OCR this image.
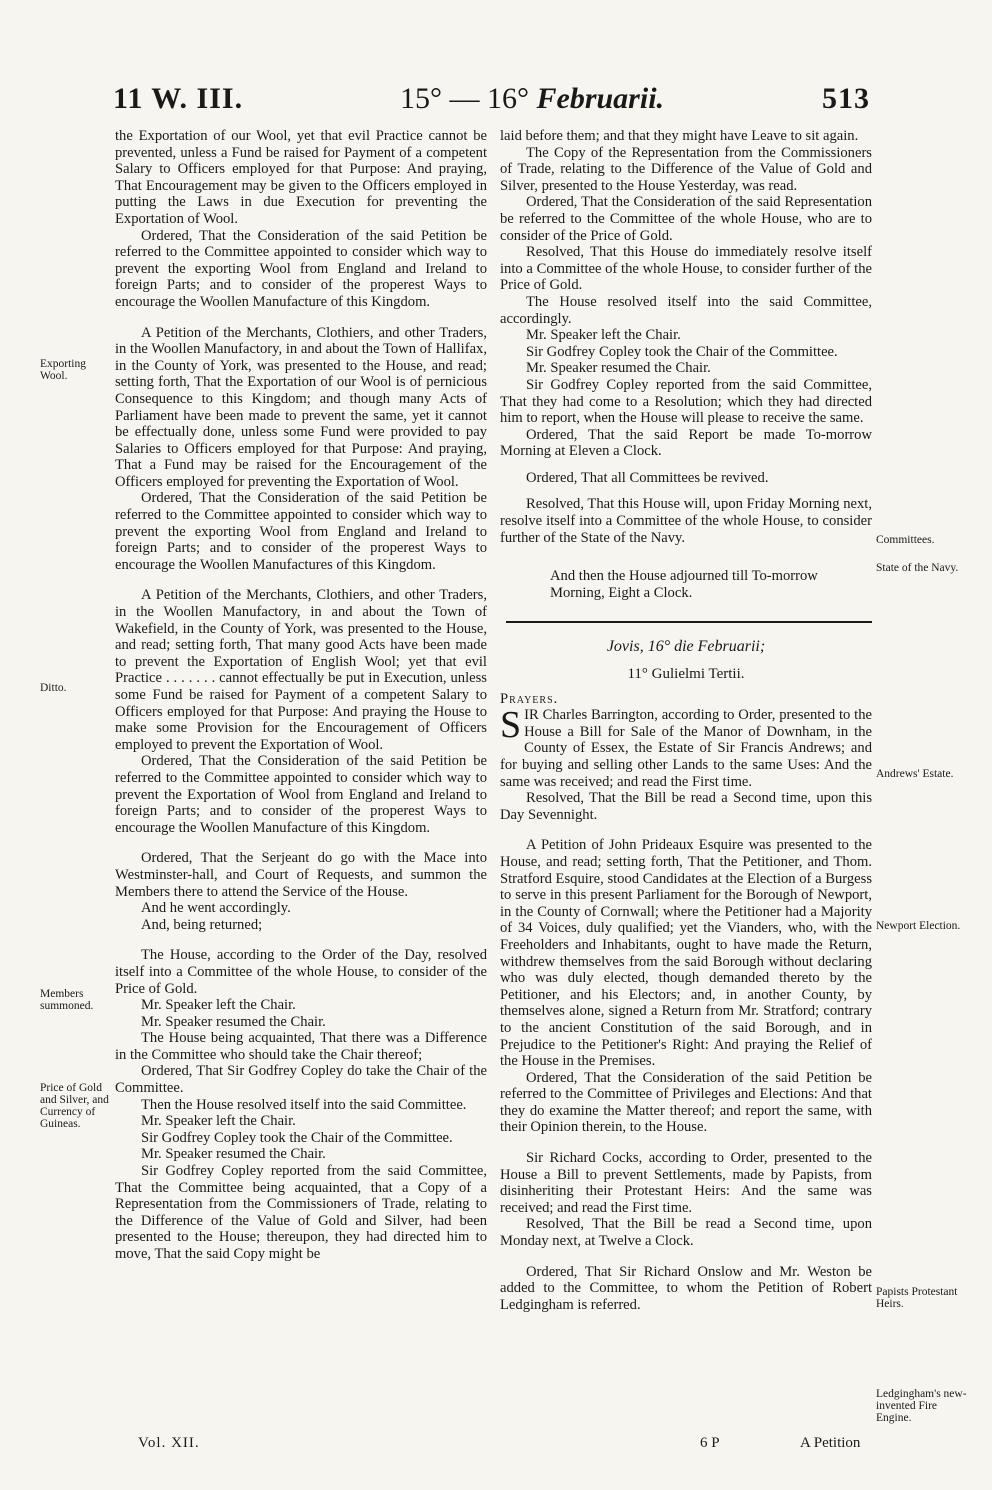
11 W. III.	15° — 16° Februarii.	513

the Exportation of our Wool, yet that evil Practice cannot be prevented, unless a Fund be raised for Payment of a competent Salary to Officers employed for that Purpose: And praying, That Encouragement may be given to the Officers employed in putting the Laws in due Execution for preventing the Exportation of Wool.

Ordered, That the Consideration of the said Petition be referred to the Committee appointed to consider which way to prevent the exporting Wool from England and Ireland to foreign Parts; and to consider of the properest Ways to encourage the Woollen Manufacture of this Kingdom.

A Petition of the Merchants, Clothiers, and other Traders, in the Woollen Manufactory, in and about the Town of Hallifax, in the County of York, was presented to the House, and read; setting forth, That the Exportation of our Wool is of pernicious Consequence to this Kingdom; and though many Acts of Parliament have been made to prevent the same, yet it cannot be effectually done, unless some Fund were provided to pay Salaries to Officers employed for that Purpose: And praying, That a Fund may be raised for the Encouragement of the Officers employed for preventing the Exportation of Wool.

Ordered, That the Consideration of the said Petition be referred to the Committee appointed to consider which way to prevent the exporting Wool from England and Ireland to foreign Parts; and to consider of the properest Ways to encourage the Woollen Manufactures of this Kingdom.

A Petition of the Merchants, Clothiers, and other Traders, in the Woollen Manufactory, in and about the Town of Wakefield, in the County of York, was presented to the House, and read; setting forth, That many good Acts have been made to prevent the Exportation of English Wool; yet that evil Practice . . . . . . . cannot effectually be put in Execution, unless some Fund be raised for Payment of a competent Salary to Officers employed for that Purpose: And praying the House to make some Provision for the Encouragement of Officers employed to prevent the Exportation of Wool.

Ordered, That the Consideration of the said Petition be referred to the Committee appointed to consider which way to prevent the Exportation of Wool from England and Ireland to foreign Parts; and to consider of the properest Ways to encourage the Woollen Manufacture of this Kingdom.

Ordered, That the Serjeant do go with the Mace into Westminster-hall, and Court of Requests, and summon the Members there to attend the Service of the House.

And he went accordingly.

And, being returned;

The House, according to the Order of the Day, resolved itself into a Committee of the whole House, to consider of the Price of Gold.

Mr. Speaker left the Chair.

Mr. Speaker resumed the Chair.

The House being acquainted, That there was a Difference in the Committee who should take the Chair thereof;

Ordered, That Sir Godfrey Copley do take the Chair of the Committee.

Then the House resolved itself into the said Committee.

Mr. Speaker left the Chair.

Sir Godfrey Copley took the Chair of the Committee.

Mr. Speaker resumed the Chair.

Sir Godfrey Copley reported from the said Committee, That the Committee being acquainted, that a Copy of a Representation from the Commissioners of Trade, relating to the Difference of the Value of Gold and Silver, had been presented to the House; thereupon, they had directed him to move, That the said Copy might be

laid before them; and that they might have Leave to sit again.

The Copy of the Representation from the Commissioners of Trade, relating to the Difference of the Value of Gold and Silver, presented to the House Yesterday, was read.

Ordered, That the Consideration of the said Representation be referred to the Committee of the whole House, who are to consider of the Price of Gold.

Resolved, That this House do immediately resolve itself into a Committee of the whole House, to consider further of the Price of Gold.

The House resolved itself into the said Committee, accordingly.

Mr. Speaker left the Chair.

Sir Godfrey Copley took the Chair of the Committee.

Mr. Speaker resumed the Chair.

Sir Godfrey Copley reported from the said Committee, That they had come to a Resolution; which they had directed him to report, when the House will please to receive the same.

Ordered, That the said Report be made To-morrow Morning at Eleven a Clock.

Ordered, That all Committees be revived.

Resolved, That this House will, upon Friday Morning next, resolve itself into a Committee of the whole House, to consider further of the State of the Navy.

And then the House adjourned till To-morrow Morning, Eight a Clock.

Jovis, 16° die Februarii;

11° Gulielmi Tertii.

Prayers.

SIR Charles Barrington, according to Order, presented to the House a Bill for Sale of the Manor of Downham, in the County of Essex, the Estate of Sir Francis Andrews; and for buying and selling other Lands to the same Uses: And the same was received; and read the First time.

Resolved, That the Bill be read a Second time, upon this Day Sevennight.

A Petition of John Prideaux Esquire was presented to the House, and read; setting forth, That the Petitioner, and Thom. Stratford Esquire, stood Candidates at the Election of a Burgess to serve in this present Parliament for the Borough of Newport, in the County of Cornwall; where the Petitioner had a Majority of 34 Voices, duly qualified; yet the Vianders, who, with the Freeholders and Inhabitants, ought to have made the Return, withdrew themselves from the said Borough without declaring who was duly elected, though demanded thereto by the Petitioner, and his Electors; and, in another County, by themselves alone, signed a Return from Mr. Stratford; contrary to the ancient Constitution of the said Borough, and in Prejudice to the Petitioner's Right: And praying the Relief of the House in the Premises.

Ordered, That the Consideration of the said Petition be referred to the Committee of Privileges and Elections: And that they do examine the Matter thereof; and report the same, with their Opinion therein, to the House.

Sir Richard Cocks, according to Order, presented to the House a Bill to prevent Settlements, made by Papists, from disinheriting their Protestant Heirs: And the same was received; and read the First time.

Resolved, That the Bill be read a Second time, upon Monday next, at Twelve a Clock.

Ordered, That Sir Richard Onslow and Mr. Weston be added to the Committee, to whom the Petition of Robert Ledgingham is referred.

Exporting Wool.
Ditto.
Members summoned.
Price of Gold and Silver, and Currency of Guineas.
Committees.
State of the Navy.
Andrews' Estate.
Newport Election.
Papists Protestant Heirs.
Ledgingham's new-invented Fire Engine.
Vol. XII.	6 P	A Petition
